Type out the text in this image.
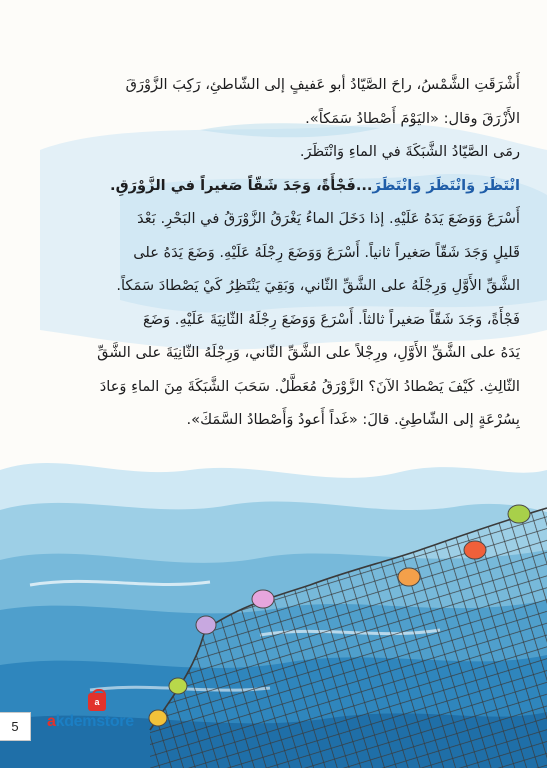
أَشْرَقَتِ الشَّمْسُ، راحَ الصَّيّادُ أبو عَفيفٍ إلى الشّاطئِ، رَكِبَ الزَّوْرَقَ
الأَزْرَقَ وقال: «اليَوْمَ أَصْطادُ سَمَكاً».
رمَى الصَّيّادُ الشَّبَكَةَ في الماءِ وَانْتَظَرَ.
انْتَظَرَ وَانْتَظَرَ وَانْتَظَرَ...فَجْأَةً، وَجَدَ شَقّاً صَغيراً في الزَّوْرَقِ.
أَسْرَعَ وَوَضَعَ يَدَهُ عَلَيْهِ. إذا دَخَلَ الماءُ يَغْرَقُ الزَّوْرَقُ في البَحْرِ. بَعْدَ
قَليلٍ وَجَدَ شَقّاً صَغيراً ثانياً. أَسْرَعَ وَوَضَعَ رِجْلَهُ عَلَيْهِ. وَضَعَ يَدَهُ على
الشَّقِّ الأَوَّلِ وَرِجْلَهُ على الشَّقِّ الثّاني، وَبَقِيَ يَنْتَظِرُ كَيْ يَصْطادَ سَمَكاً.
فَجْأَةً، وَجَدَ شَقّاً صَغيراً ثالثاً. أَسْرَعَ وَوَضَعَ رِجْلَهُ الثّانِيَةَ عَلَيْهِ. وَضَعَ
يَدَهُ على الشَّقِّ الأَوَّلِ، ورِجْلاً على الشَّقِّ الثّاني، وَرِجْلَهُ الثّانِيَةَ على الشَّقِّ
الثّالِثِ. كَيْفَ يَصْطادُ الآنَ؟ الزَّوْرَقُ مُعَطَّلٌ. سَحَبَ الشَّبَكَةَ مِنَ الماءِ وَعادَ
بِسُرْعَةٍ إلى الشّاطِئِ. قالَ: «غَداً أَعودُ وَأَصْطادُ السَّمَكَ».
5
a
akdemstore
